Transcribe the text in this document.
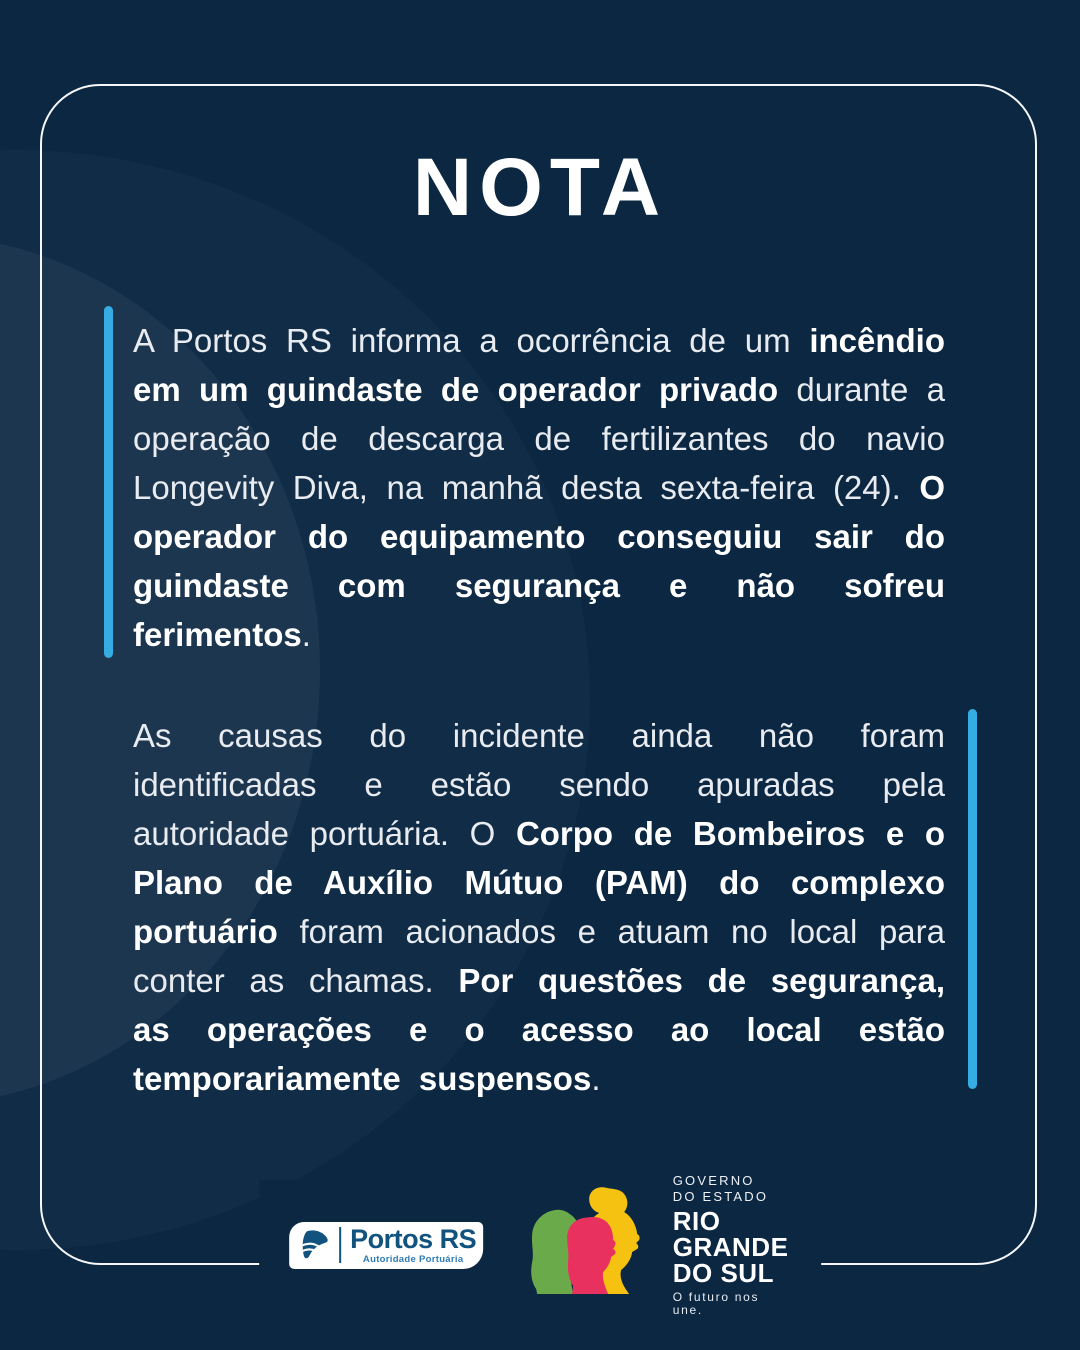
NOTA

A Portos RS informa a ocorrência de um incêndio em um guindaste de operador privado durante a operação de descarga de fertilizantes do navio Longevity Diva, na manhã desta sexta-feira (24). O operador do equipamento conseguiu sair do guindaste com segurança e não sofreu ferimentos.

As causas do incidente ainda não foram identificadas e estão sendo apuradas pela autoridade portuária. O Corpo de Bombeiros e o Plano de Auxílio Mútuo (PAM) do complexo portuário foram acionados e atuam no local para conter as chamas. Por questões de segurança, as operações e o acesso ao local estão temporariamente suspensos.

Portos RS
Autoridade Portuária
GOVERNO
DO ESTADO
RIO
GRANDE
DO SUL
O futuro nos une.
